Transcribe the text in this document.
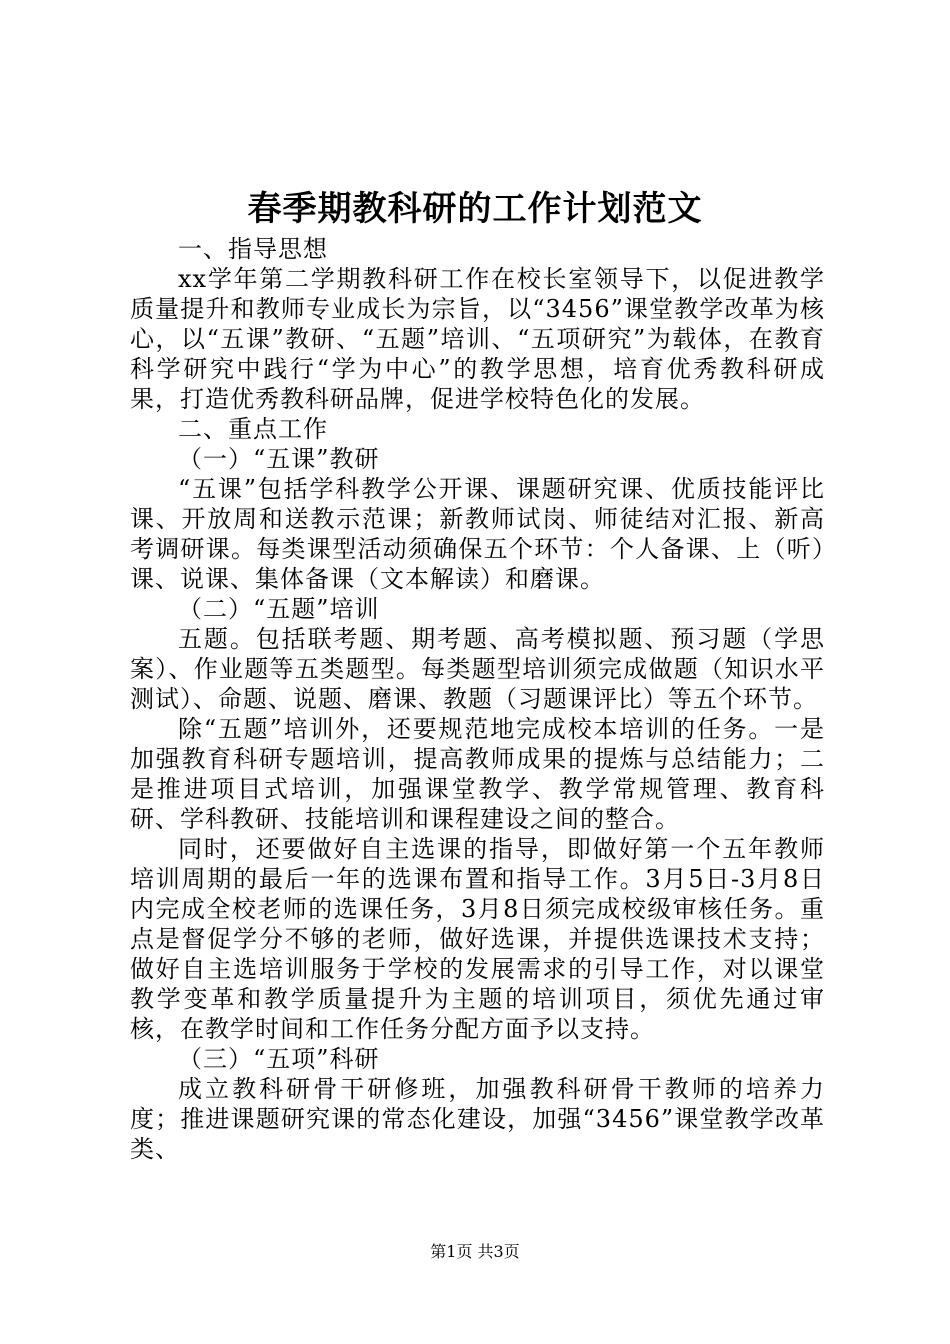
春季期教科研的工作计划范文

一、指导思想

xx学年第二学期教科研工作在校长室领导下，以促进教学质量提升和教师专业成长为宗旨，以“3456”课堂教学改革为核心，以“五课”教研、“五题”培训、“五项研究”为载体，在教育科学研究中践行“学为中心”的教学思想，培育优秀教科研成果，打造优秀教科研品牌，促进学校特色化的发展。

二、重点工作

（一）“五课”教研

“五课”包括学科教学公开课、课题研究课、优质技能评比课、开放周和送教示范课；新教师试岗、师徒结对汇报、新高考调研课。每类课型活动须确保五个环节：个人备课、上（听）课、说课、集体备课（文本解读）和磨课。

（二）“五题”培训

五题。包括联考题、期考题、高考模拟题、预习题（学思案）、作业题等五类题型。每类题型培训须完成做题（知识水平测试）、命题、说题、磨课、教题（习题课评比）等五个环节。

除“五题”培训外，还要规范地完成校本培训的任务。一是加强教育科研专题培训，提高教师成果的提炼与总结能力；二是推进项目式培训，加强课堂教学、教学常规管理、教育科研、学科教研、技能培训和课程建设之间的整合。

同时，还要做好自主选课的指导，即做好第一个五年教师培训周期的最后一年的选课布置和指导工作。3月5日-3月8日内完成全校老师的选课任务，3月8日须完成校级审核任务。重点是督促学分不够的老师，做好选课，并提供选课技术支持；做好自主选培训服务于学校的发展需求的引导工作，对以课堂教学变革和教学质量提升为主题的培训项目，须优先通过审核，在教学时间和工作任务分配方面予以支持。

（三）“五项”科研

成立教科研骨干研修班，加强教科研骨干教师的培养力度；推进课题研究课的常态化建设，加强“3456”课堂教学改革类、

第1页 共3页
